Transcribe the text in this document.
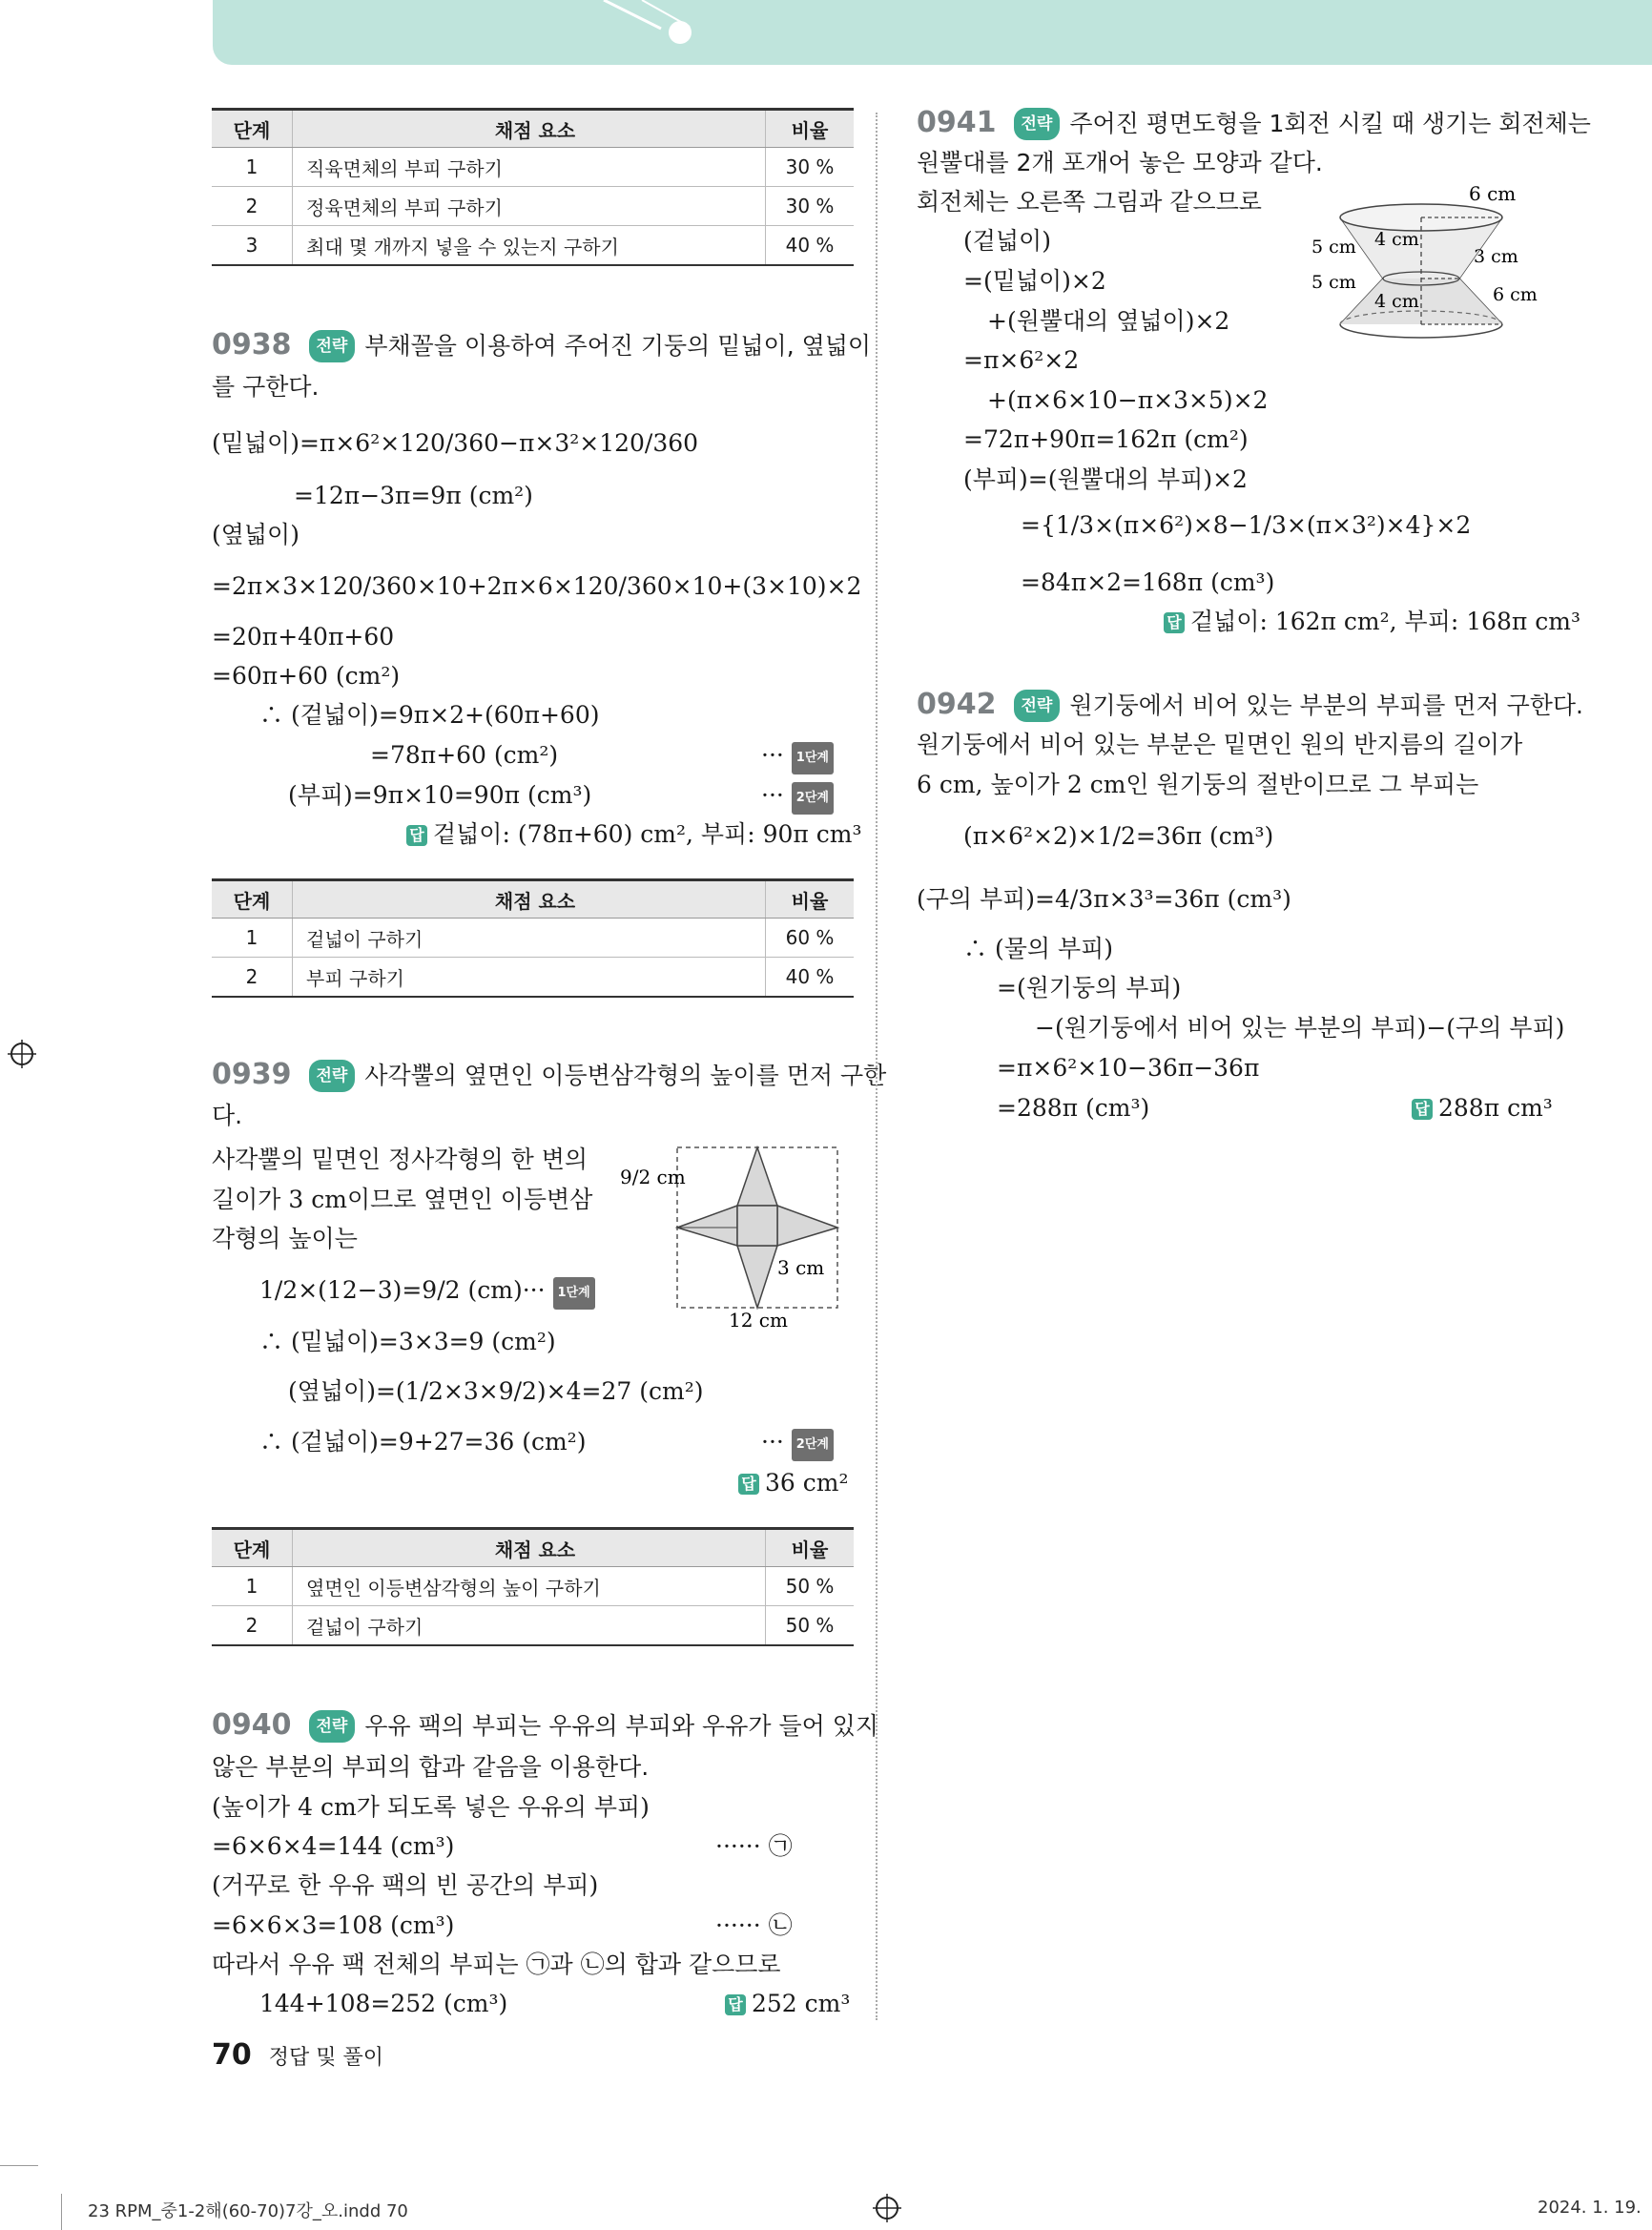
단계	채점 요소	비율
1	직육면체의 부피 구하기	30 %
2	정육면체의 부피 구하기	30 %
3	최대 몇 개까지 넣을 수 있는지 구하기	40 %
0938 전략 부채꼴을 이용하여 주어진 기둥의 밑넓이, 옆넓이
를 구한다.
(밑넓이)=π×6²×120/360−π×3²×120/360
=12π−3π=9π (cm²)
(옆넓이)
=2π×3×120/360×10+2π×6×120/360×10+(3×10)×2
=20π+40π+60
=60π+60 (cm²)
∴ (겉넓이)=9π×2+(60π+60)
=78π+60 (cm²)	··· 1단계
(부피)=9π×10=90π (cm³)	··· 2단계
답 겉넓이: (78π+60) cm², 부피: 90π cm³
단계	채점 요소	비율
1	겉넓이 구하기	60 %
2	부피 구하기	40 %
0939 전략 사각뿔의 옆면인 이등변삼각형의 높이를 먼저 구한
다.
사각뿔의 밑면인 정사각형의 한 변의
길이가 3 cm이므로 옆면인 이등변삼
각형의 높이는
1/2×(12−3)=9/2 (cm)··· 1단계
∴ (밑넓이)=3×3=9 (cm²)
(옆넓이)=(1/2×3×9/2)×4=27 (cm²)
∴ (겉넓이)=9+27=36 (cm²)	··· 2단계
답 36 cm²
9/2 cm
3 cm
12 cm
단계	채점 요소	비율
1	옆면인 이등변삼각형의 높이 구하기	50 %
2	겉넓이 구하기	50 %
0940 전략 우유 팩의 부피는 우유의 부피와 우유가 들어 있지
않은 부분의 부피의 합과 같음을 이용한다.
(높이가 4 cm가 되도록 넣은 우유의 부피)
=6×6×4=144 (cm³)	······ ㉠
(거꾸로 한 우유 팩의 빈 공간의 부피)
=6×6×3=108 (cm³)	······ ㉡
따라서 우유 팩 전체의 부피는 ㉠과 ㉡의 합과 같으므로
144+108=252 (cm³)	답 252 cm³
0941 전략 주어진 평면도형을 1회전 시킬 때 생기는 회전체는
원뿔대를 2개 포개어 놓은 모양과 같다.
회전체는 오른쪽 그림과 같으므로
(겉넓이)
=(밑넓이)×2
+(원뿔대의 옆넓이)×2
=π×6²×2
+(π×6×10−π×3×5)×2
=72π+90π=162π (cm²)
(부피)=(원뿔대의 부피)×2
={1/3×(π×6²)×8−1/3×(π×3²)×4}×2
=84π×2=168π (cm³)
답 겉넓이: 162π cm², 부피: 168π cm³
6 cm
5 cm 4 cm
3 cm
5 cm
4 cm	6 cm
0942 전략 원기둥에서 비어 있는 부분의 부피를 먼저 구한다.
원기둥에서 비어 있는 부분은 밑면인 원의 반지름의 길이가
6 cm, 높이가 2 cm인 원기둥의 절반이므로 그 부피는
(π×6²×2)×1/2=36π (cm³)
(구의 부피)=4/3π×3³=36π (cm³)
∴ (물의 부피)
=(원기둥의 부피)
−(원기둥에서 비어 있는 부분의 부피)−(구의 부피)
=π×6²×10−36π−36π
=288π (cm³)	답 288π cm³
70 정답 및 풀이
23 RPM_중1-2해(60-70)7강_오.indd 70	2024. 1. 19.
